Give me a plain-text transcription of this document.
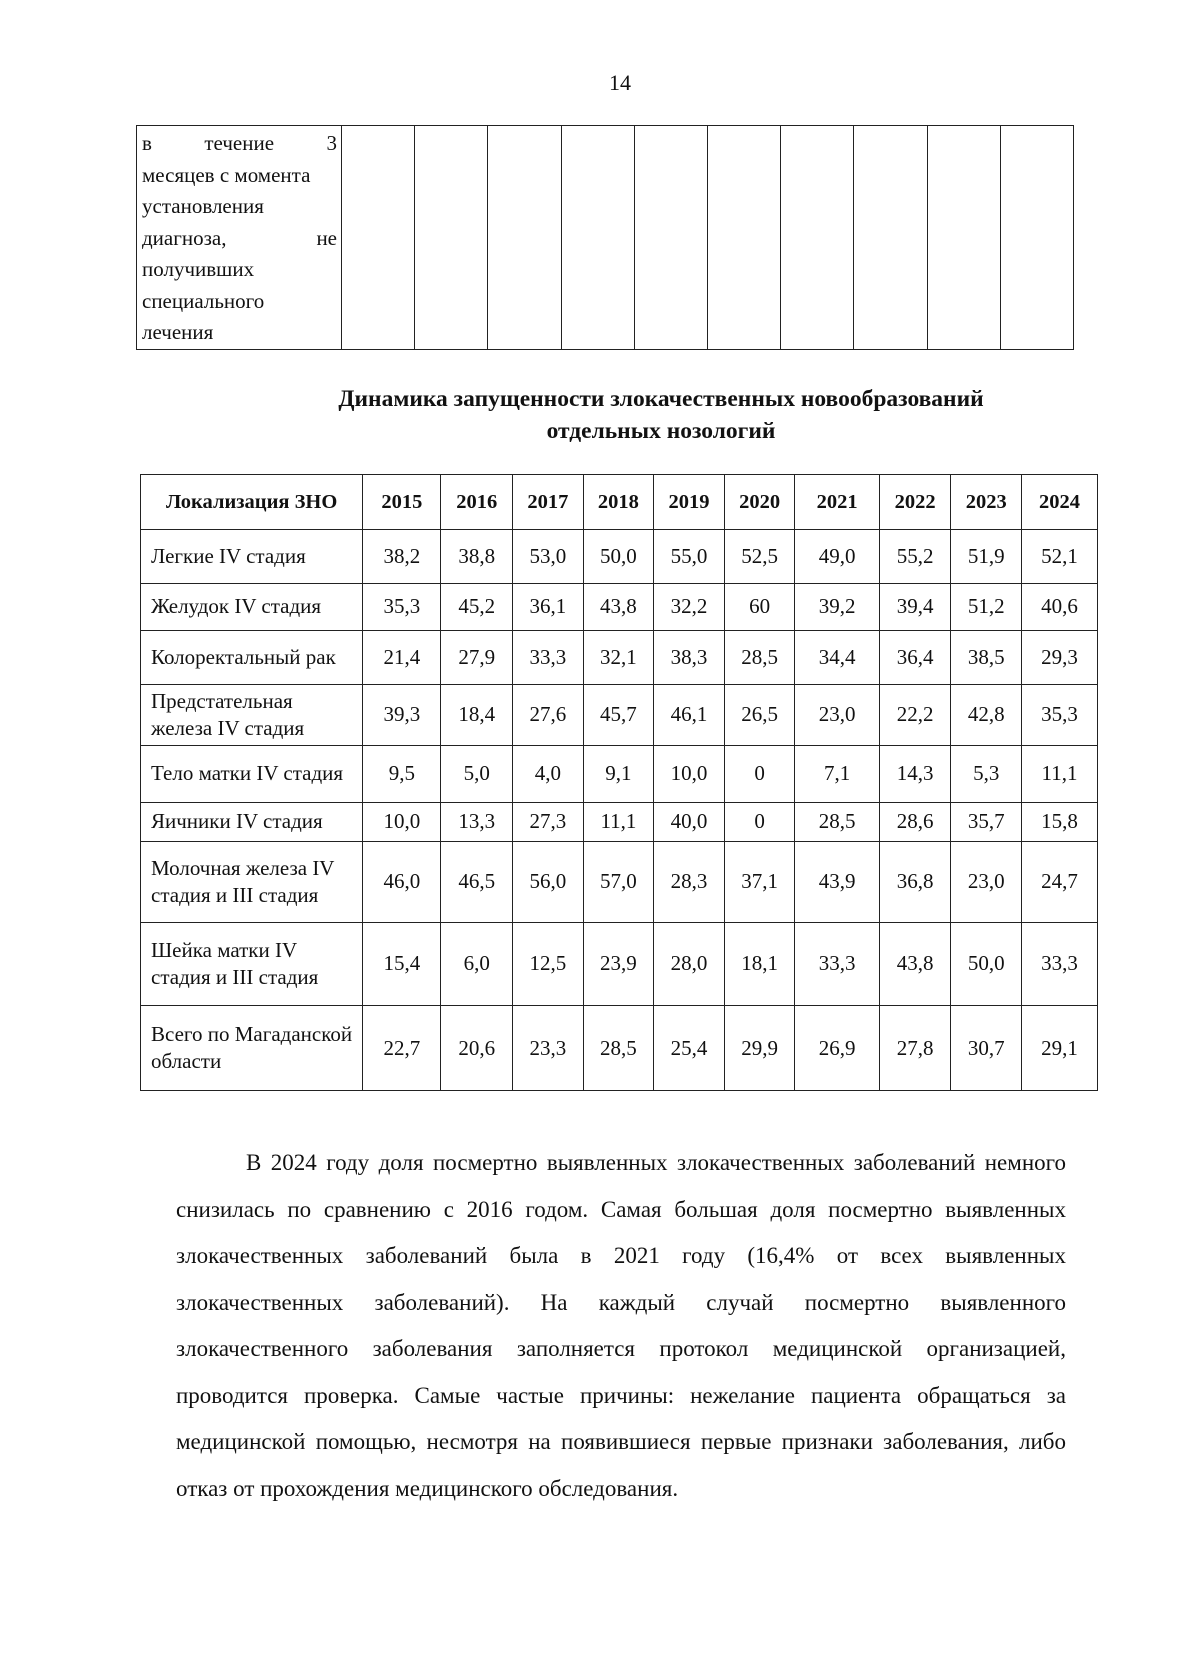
14
в течение 3
месяцев с момента
установления
диагноза,	не
получивших
специального
лечения

Динамика запущенности злокачественных новообразований
отдельных нозологий
Локализация ЗНО	2015	2016	2017	2018	2019	2020	2021	2022	2023	2024
Легкие IV стадия	38,2	38,8	53,0	50,0	55,0	52,5	49,0	55,2	51,9	52,1
Желудок IV стадия	35,3	45,2	36,1	43,8	32,2	60	39,2	39,4	51,2	40,6
Колоректальный рак	21,4	27,9	33,3	32,1	38,3	28,5	34,4	36,4	38,5	29,3
Предстательная железа IV стадия	39,3	18,4	27,6	45,7	46,1	26,5	23,0	22,2	42,8	35,3
Тело матки IV стадия	9,5	5,0	4,0	9,1	10,0	0	7,1	14,3	5,3	11,1
Яичники IV стадия	10,0	13,3	27,3	11,1	40,0	0	28,5	28,6	35,7	15,8
Молочная железа IV стадия и III стадия	46,0	46,5	56,0	57,0	28,3	37,1	43,9	36,8	23,0	24,7
Шейка матки IV стадия и III стадия	15,4	6,0	12,5	23,9	28,0	18,1	33,3	43,8	50,0	33,3
Всего по Магаданской области	22,7	20,6	23,3	28,5	25,4	29,9	26,9	27,8	30,7	29,1

В 2024 году доля посмертно выявленных злокачественных заболеваний немного снизилась по сравнению с 2016 годом. Самая большая доля посмертно выявленных злокачественных заболеваний была в 2021 году (16,4% от всех выявленных злокачественных заболеваний). На каждый случай посмертно выявленного злокачественного заболевания заполняется протокол медицинской организацией, проводится проверка. Самые частые причины: нежелание пациента обращаться за медицинской помощью, несмотря на появившиеся первые признаки заболевания, либо отказ от прохождения медицинского обследования.
